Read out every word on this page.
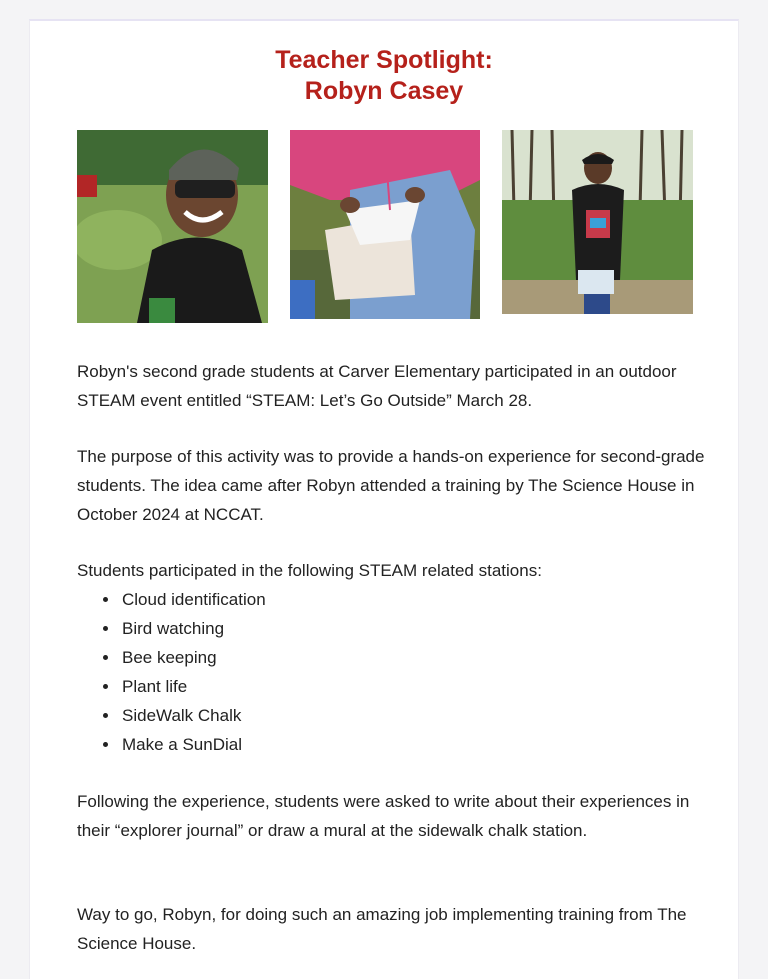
Teacher Spotlight:
Robyn Casey

Robyn's second grade students at Carver Elementary participated in an outdoor STEAM event entitled “STEAM: Let’s Go Outside” March 28.

The purpose of this activity was to provide a hands-on experience for second-grade students. The idea came after Robyn attended a training by The Science House in October 2024 at NCCAT.

Students participated in the following STEAM related stations:

Cloud identification
Bird watching
Bee keeping
Plant life
SideWalk Chalk
Make a SunDial

Following the experience, students were asked to write about their experiences in their “explorer journal” or draw a mural at the sidewalk chalk station.

Way to go, Robyn, for doing such an amazing job implementing training from The Science House.
